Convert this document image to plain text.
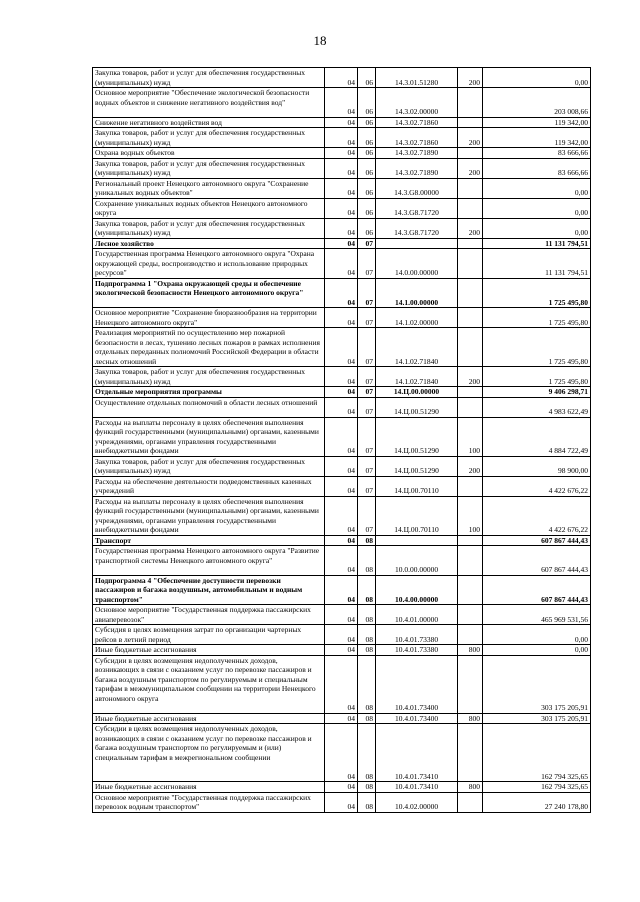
18
Закупка товаров, работ и услуг для обеспечения государственных (муниципальных) нужд	04	06	14.3.01.51280	200	0,00
Основное мероприятие "Обеспечение экологической безопасности водных объектов и снижение негативного воздействия вод"	04	06	14.3.02.00000		203 008,66
Снижение негативного воздействия вод	04	06	14.3.02.71860		119 342,00
Закупка товаров, работ и услуг для обеспечения государственных (муниципальных) нужд	04	06	14.3.02.71860	200	119 342,00
Охрана водных объектов	04	06	14.3.02.71890		83 666,66
Закупка товаров, работ и услуг для обеспечения государственных (муниципальных) нужд	04	06	14.3.02.71890	200	83 666,66
Региональный проект Ненецкого автономного округа "Сохранение уникальных водных объектов"	04	06	14.3.G8.00000		0,00
Сохранение уникальных водных объектов Ненецкого автономного округа	04	06	14.3.G8.71720		0,00
Закупка товаров, работ и услуг для обеспечения государственных (муниципальных) нужд	04	06	14.3.G8.71720	200	0,00
Лесное хозяйство	04	07			11 131 794,51
Государственная программа Ненецкого автономного округа "Охрана окружающей среды, воспроизводство и использование природных ресурсов"	04	07	14.0.00.00000		11 131 794,51
Подпрограмма 1 "Охрана окружающей среды и обеспечение экологической безопасности Ненецкого автономного округа"	04	07	14.1.00.00000		1 725 495,80
Основное мероприятие "Сохранение биоразнообразия на территории Ненецкого автономного округа"	04	07	14.1.02.00000		1 725 495,80
Реализация мероприятий по осуществлению мер пожарной безопасности в лесах, тушению лесных пожаров в рамках исполнения отдельных переданных полномочий Российской Федерации в области лесных отношений	04	07	14.1.02.71840		1 725 495,80
Закупка товаров, работ и услуг для обеспечения государственных (муниципальных) нужд	04	07	14.1.02.71840	200	1 725 495,80
Отдельные мероприятия программы	04	07	14.Ц.00.00000		9 406 298,71
Осуществление отдельных полномочий в области лесных отношений	04	07	14.Ц.00.51290		4 983 622,49
Расходы на выплаты персоналу в целях обеспечения выполнения функций государственными (муниципальными) органами, казенными учреждениями, органами управления государственными внебюджетными фондами	04	07	14.Ц.00.51290	100	4 884 722,49
Закупка товаров, работ и услуг для обеспечения государственных (муниципальных) нужд	04	07	14.Ц.00.51290	200	98 900,00
Расходы на обеспечение деятельности подведомственных казенных учреждений	04	07	14.Ц.00.70110		4 422 676,22
Расходы на выплаты персоналу в целях обеспечения выполнения функций государственными (муниципальными) органами, казенными учреждениями, органами управления государственными внебюджетными фондами	04	07	14.Ц.00.70110	100	4 422 676,22
Транспорт	04	08			607 867 444,43
Государственная программа Ненецкого автономного округа "Развитие транспортной системы Ненецкого автономного округа"	04	08	10.0.00.00000		607 867 444,43
Подпрограмма 4 "Обеспечение доступности перевозки пассажиров и багажа воздушным, автомобильным и водным транспортом"	04	08	10.4.00.00000		607 867 444,43
Основное мероприятие "Государственная поддержка пассажирских авиаперевозок"	04	08	10.4.01.00000		465 969 531,56
Субсидия в целях возмещения затрат по организации чартерных рейсов в летний период	04	08	10.4.01.73380		0,00
Иные бюджетные ассигнования	04	08	10.4.01.73380	800	0,00
Субсидии в целях возмещения недополученных доходов, возникающих в связи с оказанием услуг по перевозке пассажиров и багажа воздушным транспортом по регулируемым и специальным тарифам в межмуниципальном сообщении на территории Ненецкого автономного округа	04	08	10.4.01.73400		303 175 205,91
Иные бюджетные ассигнования	04	08	10.4.01.73400	800	303 175 205,91
Субсидии в целях возмещения недополученных доходов, возникающих в связи с оказанием услуг по перевозке пассажиров и багажа воздушным транспортом по регулируемым и (или) специальным тарифам в межрегиональном сообщении	04	08	10.4.01.73410		162 794 325,65
Иные бюджетные ассигнования	04	08	10.4.01.73410	800	162 794 325,65
Основное мероприятие "Государственная поддержка пассажирских перевозок водным транспортом"	04	08	10.4.02.00000		27 240 178,80
